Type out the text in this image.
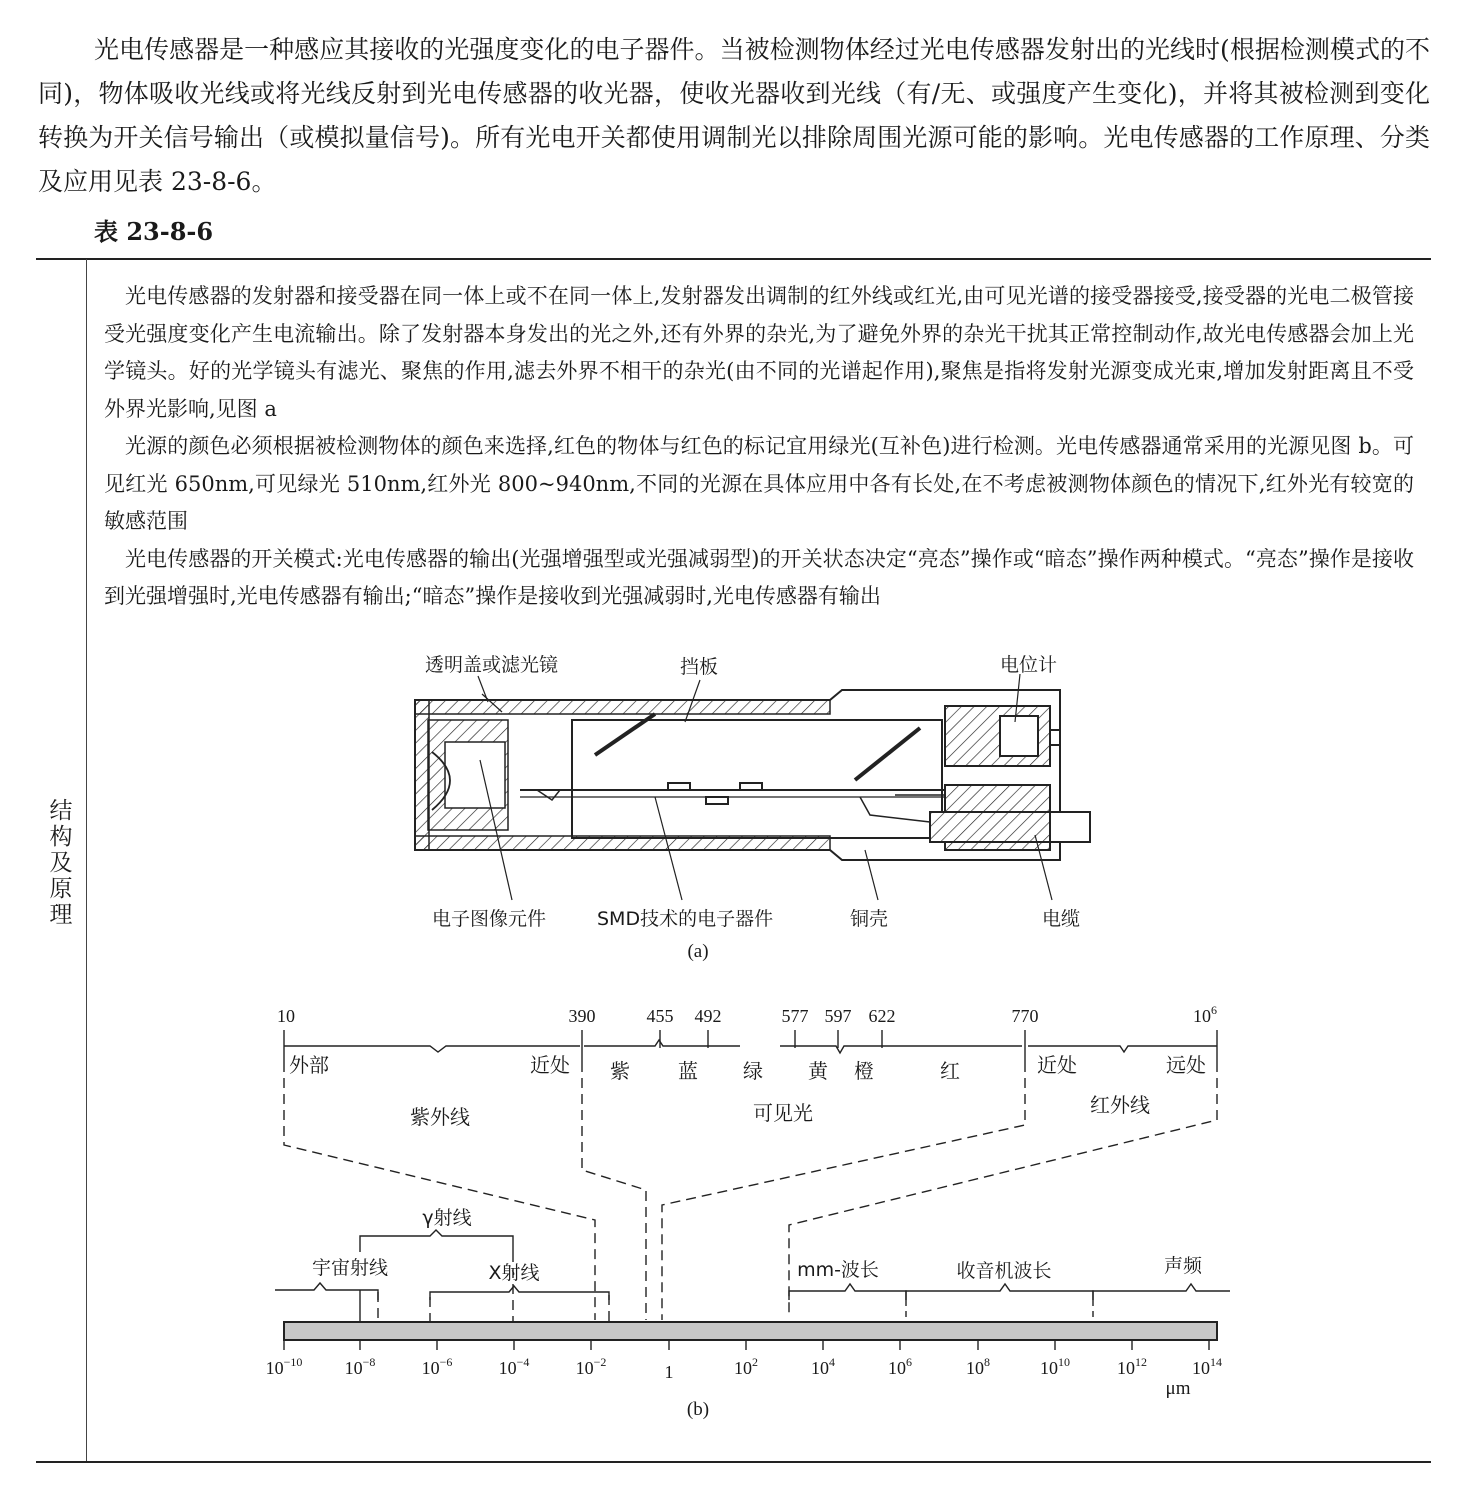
光电传感器是一种感应其接收的光强度变化的电子器件。当被检测物体经过光电传感器发射出的光线时(根据检测模式的不同)，物体吸收光线或将光线反射到光电传感器的收光器，使收光器收到光线（有/无、或强度产生变化)，并将其被检测到变化转换为开关信号输出（或模拟量信号)。所有光电开关都使用调制光以排除周围光源可能的影响。光电传感器的工作原理、分类及应用见表 23-8-6。

表 23-8-6
结
构
及
原
理

光电传感器的发射器和接受器在同一体上或不在同一体上,发射器发出调制的红外线或红光,由可见光谱的接受器接受,接受器的光电二极管接受光强度变化产生电流输出。除了发射器本身发出的光之外,还有外界的杂光,为了避免外界的杂光干扰其正常控制动作,故光电传感器会加上光学镜头。好的光学镜头有滤光、聚焦的作用,滤去外界不相干的杂光(由不同的光谱起作用),聚焦是指将发射光源变成光束,增加发射距离且不受外界光影响,见图 a

光源的颜色必须根据被检测物体的颜色来选择,红色的物体与红色的标记宜用绿光(互补色)进行检测。光电传感器通常采用的光源见图 b。可见红光 650nm,可见绿光 510nm,红外光 800~940nm,不同的光源在具体应用中各有长处,在不考虑被测物体颜色的情况下,红外光有较宽的敏感范围

光电传感器的开关模式:光电传感器的输出(光强增强型或光强减弱型)的开关状态决定“亮态”操作或“暗态”操作两种模式。“亮态”操作是接收到光强增强时,光电传感器有输出;“暗态”操作是接收到光强减弱时,光电传感器有输出

透明盖或滤光镜	挡板	电位计
电子图像元件	SMD技术的电子器件	铜壳	电缆
(a)
10	390	455 492	577 597 622	770	$10^6$
外部	近处 紫 蓝 绿 黄 橙	红	近处	远处
紫外线	可见光	红外线
γ射线
宇宙射线	X射线	mm-波长	收音机波长	声频
$10^{-10}$ $10^{-8}$	$10^{-6}$	$10^{-4}$	$10^{-2}$	1	$10^2$	$10^4$	$10^6$	$10^8$	$10^{10}$	$10^{12}$	$10^{14}$
μm
(b)
